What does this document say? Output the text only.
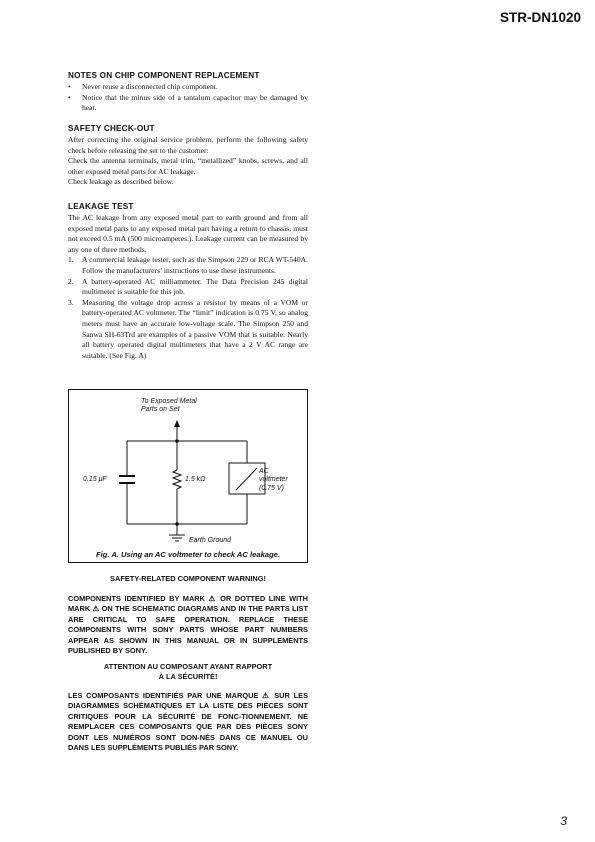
STR-DN1020
NOTES ON CHIP COMPONENT REPLACEMENT
• Never reuse a disconnected chip component.
• Notice that the minus side of a tantalum capacitor may be damaged by heat.
SAFETY CHECK-OUT

After correcting the original service problem, perform the following safety check before releasing the set to the customer:

Check the antenna terminals, metal trim, “metallized” knobs, screws, and all other exposed metal parts for AC leakage.

Check leakage as described below.

LEAKAGE TEST

The AC leakage from any exposed metal part to earth ground and from all exposed metal parts to any exposed metal part having a return to chassis, must not exceed 0.5 mA (500 microamperes.). Leakage current can be measured by any one of three methods.

1. A commercial leakage tester, such as the Simpson 229 or RCA WT-540A. Follow the manufacturers’ instructions to use these instruments.
2. A battery-operated AC milliammeter. The Data Precision 245 digital multimeter is suitable for this job.
3. Measuring the voltage drop across a resistor by means of a VOM or battery-operated AC voltmeter. The “limit” indication is 0.75 V, so analog meters must have an accurate low-voltage scale. The Simpson 250 and Sanwa SH-63Trd are examples of a passive VOM that is suitable. Nearly all battery operated digital multimeters that have a 2 V AC range are suitable. (See Fig. A)
To Exposed Metal
Parts on Set
0.15 μF	1.5 kΩ
AC
voltmeter
(0.75 V)
Earth Ground
Fig. A. Using an AC voltmeter to check AC leakage.
SAFETY-RELATED COMPONENT WARNING!
COMPONENTS IDENTIFIED BY MARK ⚠ OR DOTTED LINE WITH MARK ⚠ ON THE SCHEMATIC DIAGRAMS AND IN THE PARTS LIST ARE CRITICAL TO SAFE OPERATION. REPLACE THESE COMPONENTS WITH SONY PARTS WHOSE PART NUMBERS APPEAR AS SHOWN IN THIS MANUAL OR IN SUPPLEMENTS PUBLISHED BY SONY.
ATTENTION AU COMPOSANT AYANT RAPPORT
À LA SÉCURITÉ!
LES COMPOSANTS IDENTIFIÉS PAR UNE MARQUE ⚠ SUR LES DIAGRAMMES SCHÉMATIQUES ET LA LISTE DES PIÈCES SONT CRITIQUES POUR LA SÉCURITÉ DE FONC-TIONNEMENT. NE REMPLACER CES COMPOSANTS QUE PAR DES PIÈCES SONY DONT LES NUMÉROS SONT DON-NÉS DANS CE MANUEL OU DANS LES SUPPLÉMENTS PUBLIÉS PAR SONY.
3
